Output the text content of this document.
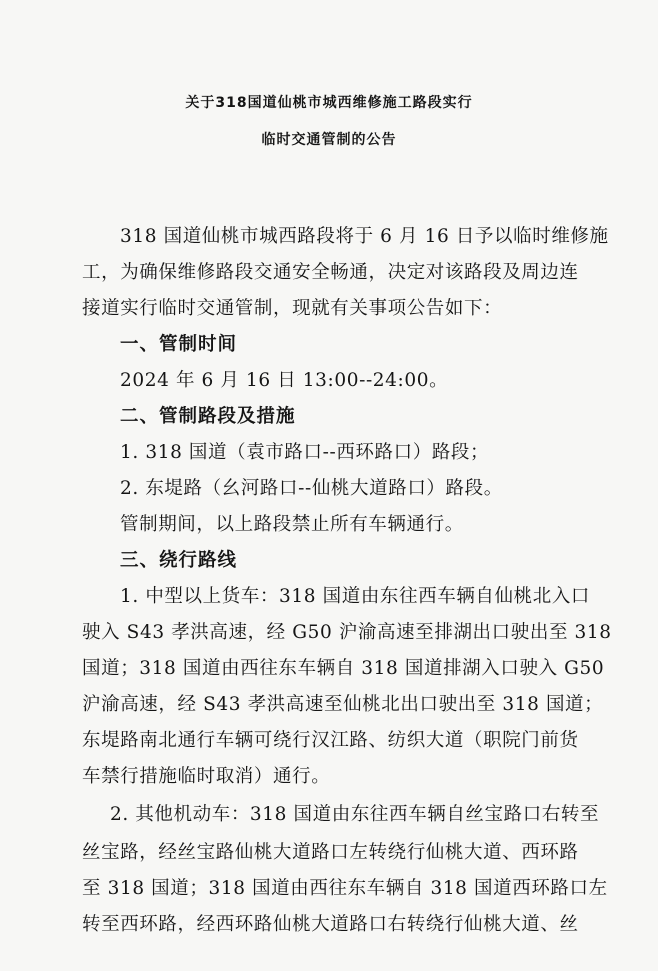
关于318国道仙桃市城西维修施工路段实行
临时交通管制的公告
318 国道仙桃市城西路段将于 6 月 16 日予以临时维修施
工，为确保维修路段交通安全畅通，决定对该路段及周边连
接道实行临时交通管制，现就有关事项公告如下：
一、管制时间
2024 年 6 月 16 日 13:00--24:00。
二、管制路段及措施
1. 318 国道（袁市路口--西环路口）路段；
2. 东堤路（幺河路口--仙桃大道路口）路段。
管制期间，以上路段禁止所有车辆通行。
三、绕行路线
1. 中型以上货车：318 国道由东往西车辆自仙桃北入口
驶入 S43 孝洪高速，经 G50 沪渝高速至排湖出口驶出至 318
国道；318 国道由西往东车辆自 318 国道排湖入口驶入 G50
沪渝高速，经 S43 孝洪高速至仙桃北出口驶出至 318 国道；
东堤路南北通行车辆可绕行汉江路、纺织大道（职院门前货
车禁行措施临时取消）通行。
2. 其他机动车：318 国道由东往西车辆自丝宝路口右转至
丝宝路，经丝宝路仙桃大道路口左转绕行仙桃大道、西环路
至 318 国道；318 国道由西往东车辆自 318 国道西环路口左
转至西环路，经西环路仙桃大道路口右转绕行仙桃大道、丝
